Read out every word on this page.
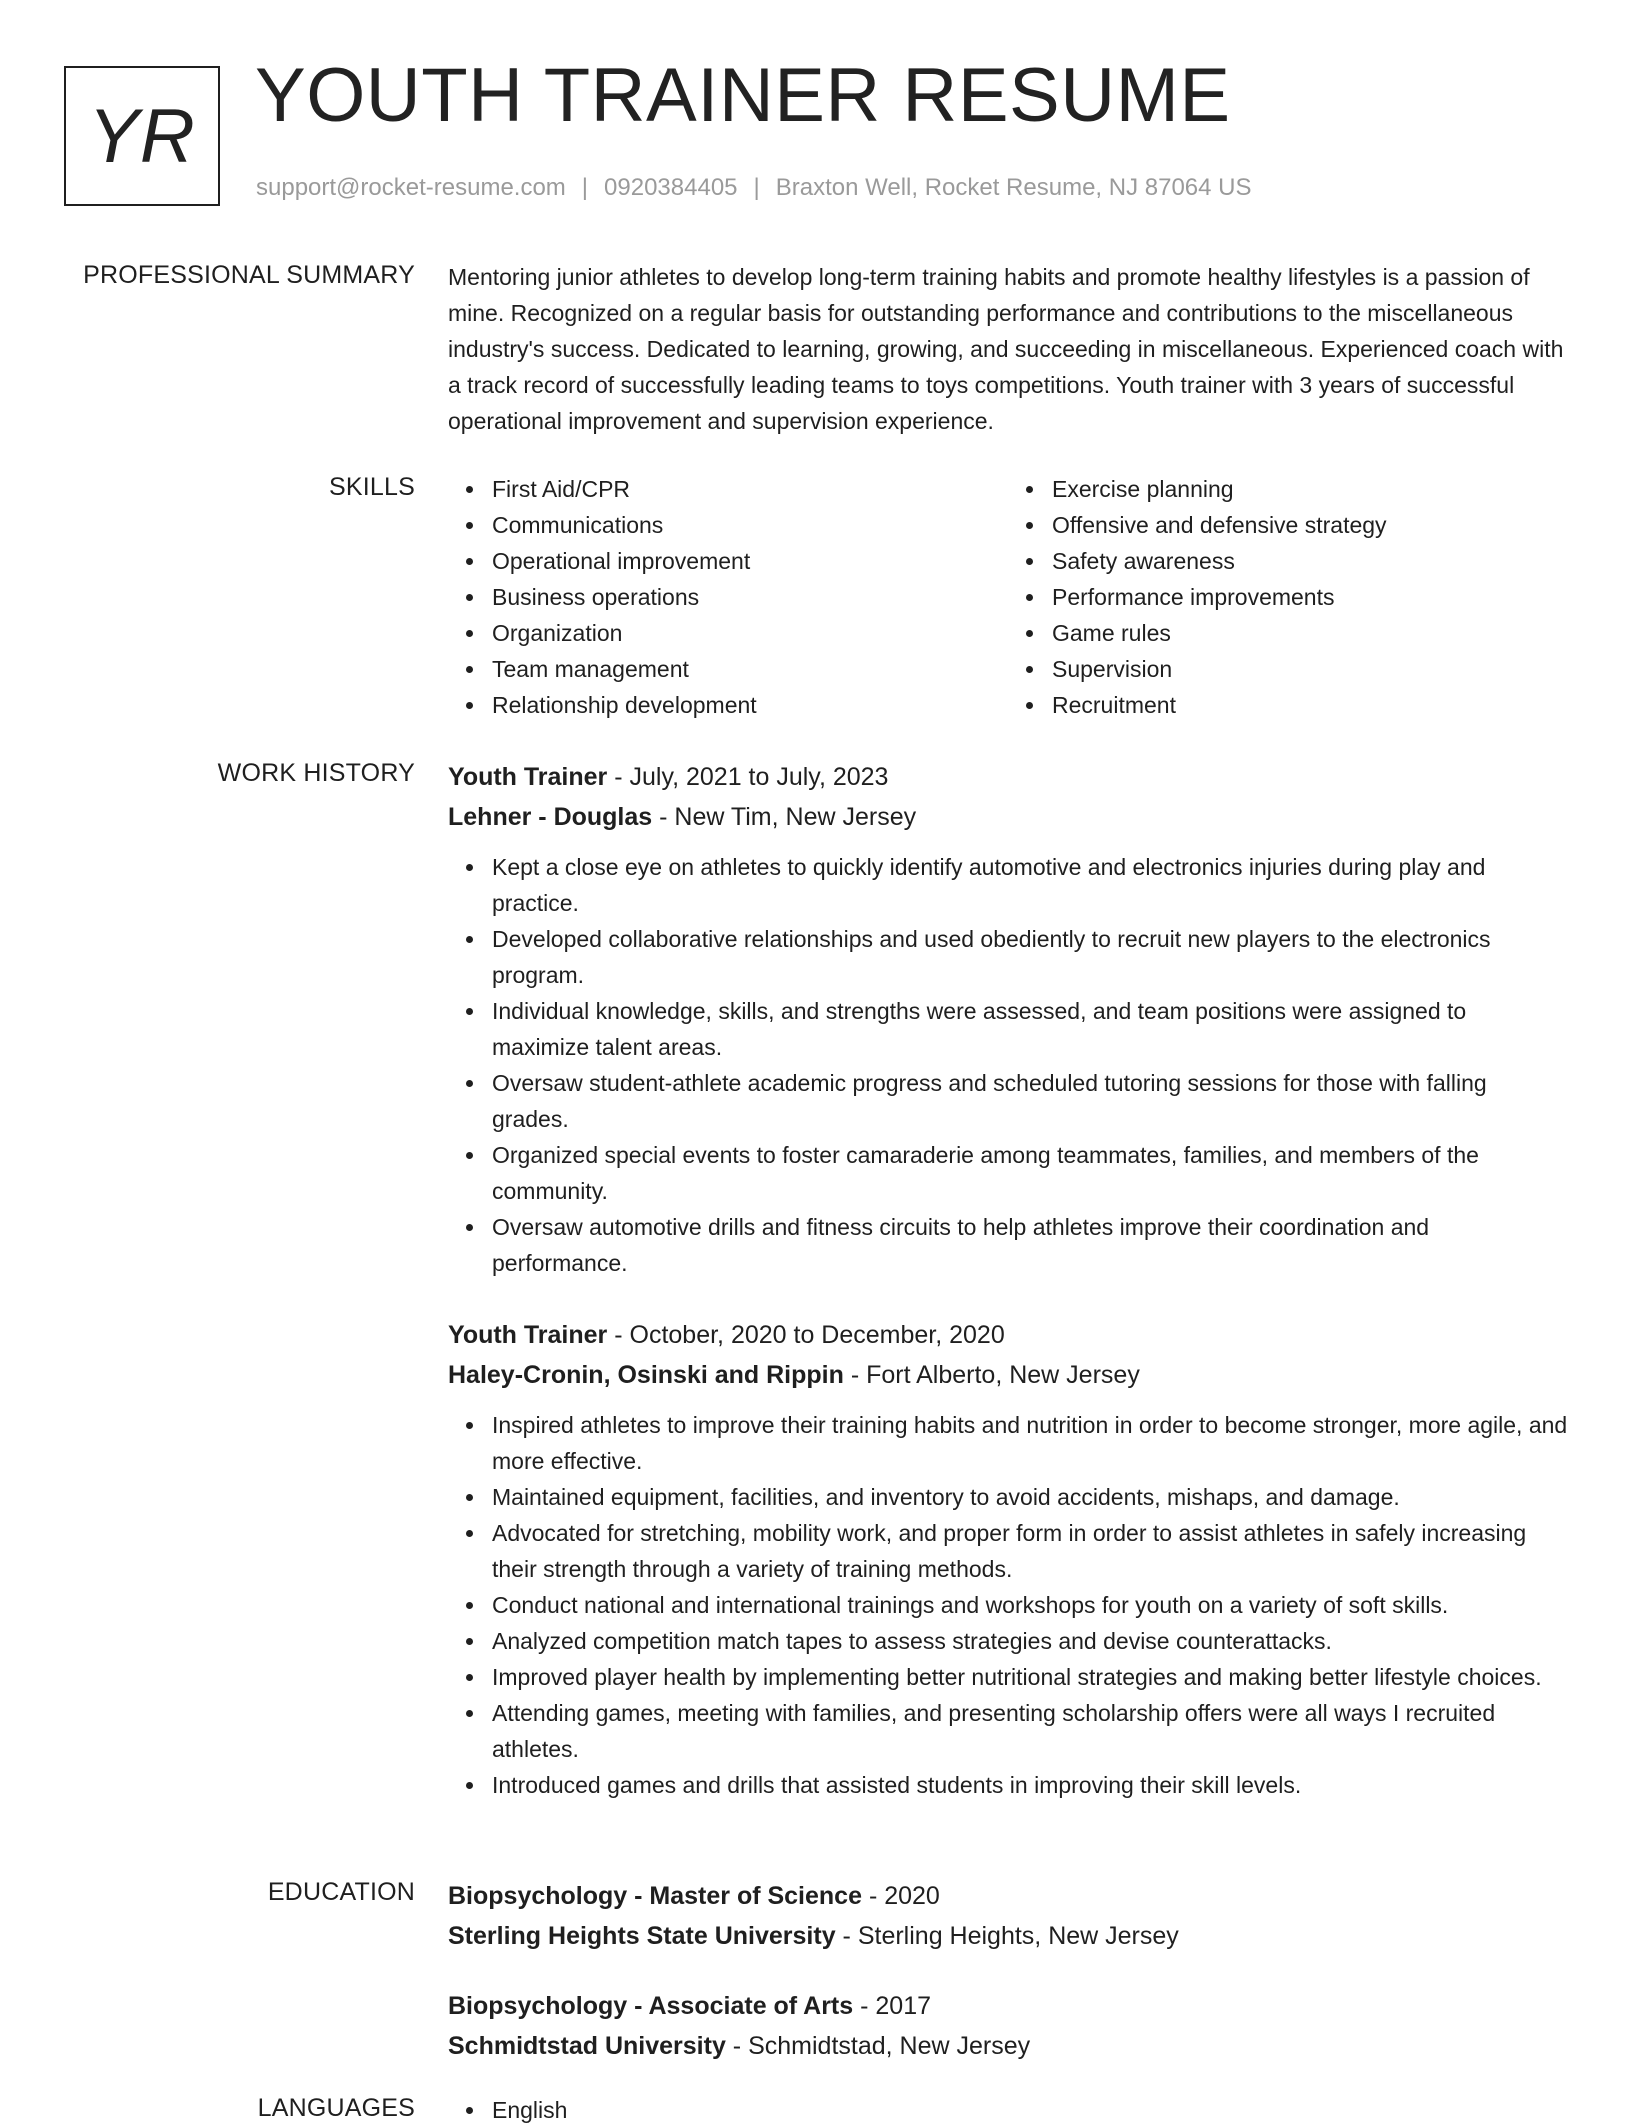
YR YOUTH TRAINER RESUME
support@rocket-resume.com | 0920384405 | Braxton Well, Rocket Resume, NJ 87064 US
PROFESSIONAL SUMMARY Mentoring junior athletes to develop long-term training habits and promote healthy lifestyles is a passion of mine. Recognized on a regular basis for outstanding performance and contributions to the miscellaneous industry's success. Dedicated to learning, growing, and succeeding in miscellaneous. Experienced coach with a track record of successfully leading teams to toys competitions. Youth trainer with 3 years of successful operational improvement and supervision experience.

SKILLS	First Aid/CPR
Communications
Operational improvement
Business operations
Organization
Team management
Relationship development
Exercise planning
Offensive and defensive strategy
Safety awareness
Performance improvements
Game rules
Supervision
Recruitment
WORK HISTORY Youth Trainer - July, 2021 to July, 2023
Lehner - Douglas - New Tim, New Jersey
Kept a close eye on athletes to quickly identify automotive and electronics injuries during play and practice.
Developed collaborative relationships and used obediently to recruit new players to the electronics program.
Individual knowledge, skills, and strengths were assessed, and team positions were assigned to maximize talent areas.
Oversaw student-athlete academic progress and scheduled tutoring sessions for those with falling grades.
Organized special events to foster camaraderie among teammates, families, and members of the community.
Oversaw automotive drills and fitness circuits to help athletes improve their coordination and performance.
Youth Trainer - October, 2020 to December, 2020
Haley-Cronin, Osinski and Rippin - Fort Alberto, New Jersey
Inspired athletes to improve their training habits and nutrition in order to become stronger, more agile, and more effective.
Maintained equipment, facilities, and inventory to avoid accidents, mishaps, and damage.
Advocated for stretching, mobility work, and proper form in order to assist athletes in safely increasing their strength through a variety of training methods.
Conduct national and international trainings and workshops for youth on a variety of soft skills.
Analyzed competition match tapes to assess strategies and devise counterattacks.
Improved player health by implementing better nutritional strategies and making better lifestyle choices.
Attending games, meeting with families, and presenting scholarship offers were all ways I recruited athletes.
Introduced games and drills that assisted students in improving their skill levels.
EDUCATION Biopsychology - Master of Science - 2020
Sterling Heights State University - Sterling Heights, New Jersey
Biopsychology - Associate of Arts - 2017
Schmidtstad University - Schmidtstad, New Jersey
LANGUAGES	English
